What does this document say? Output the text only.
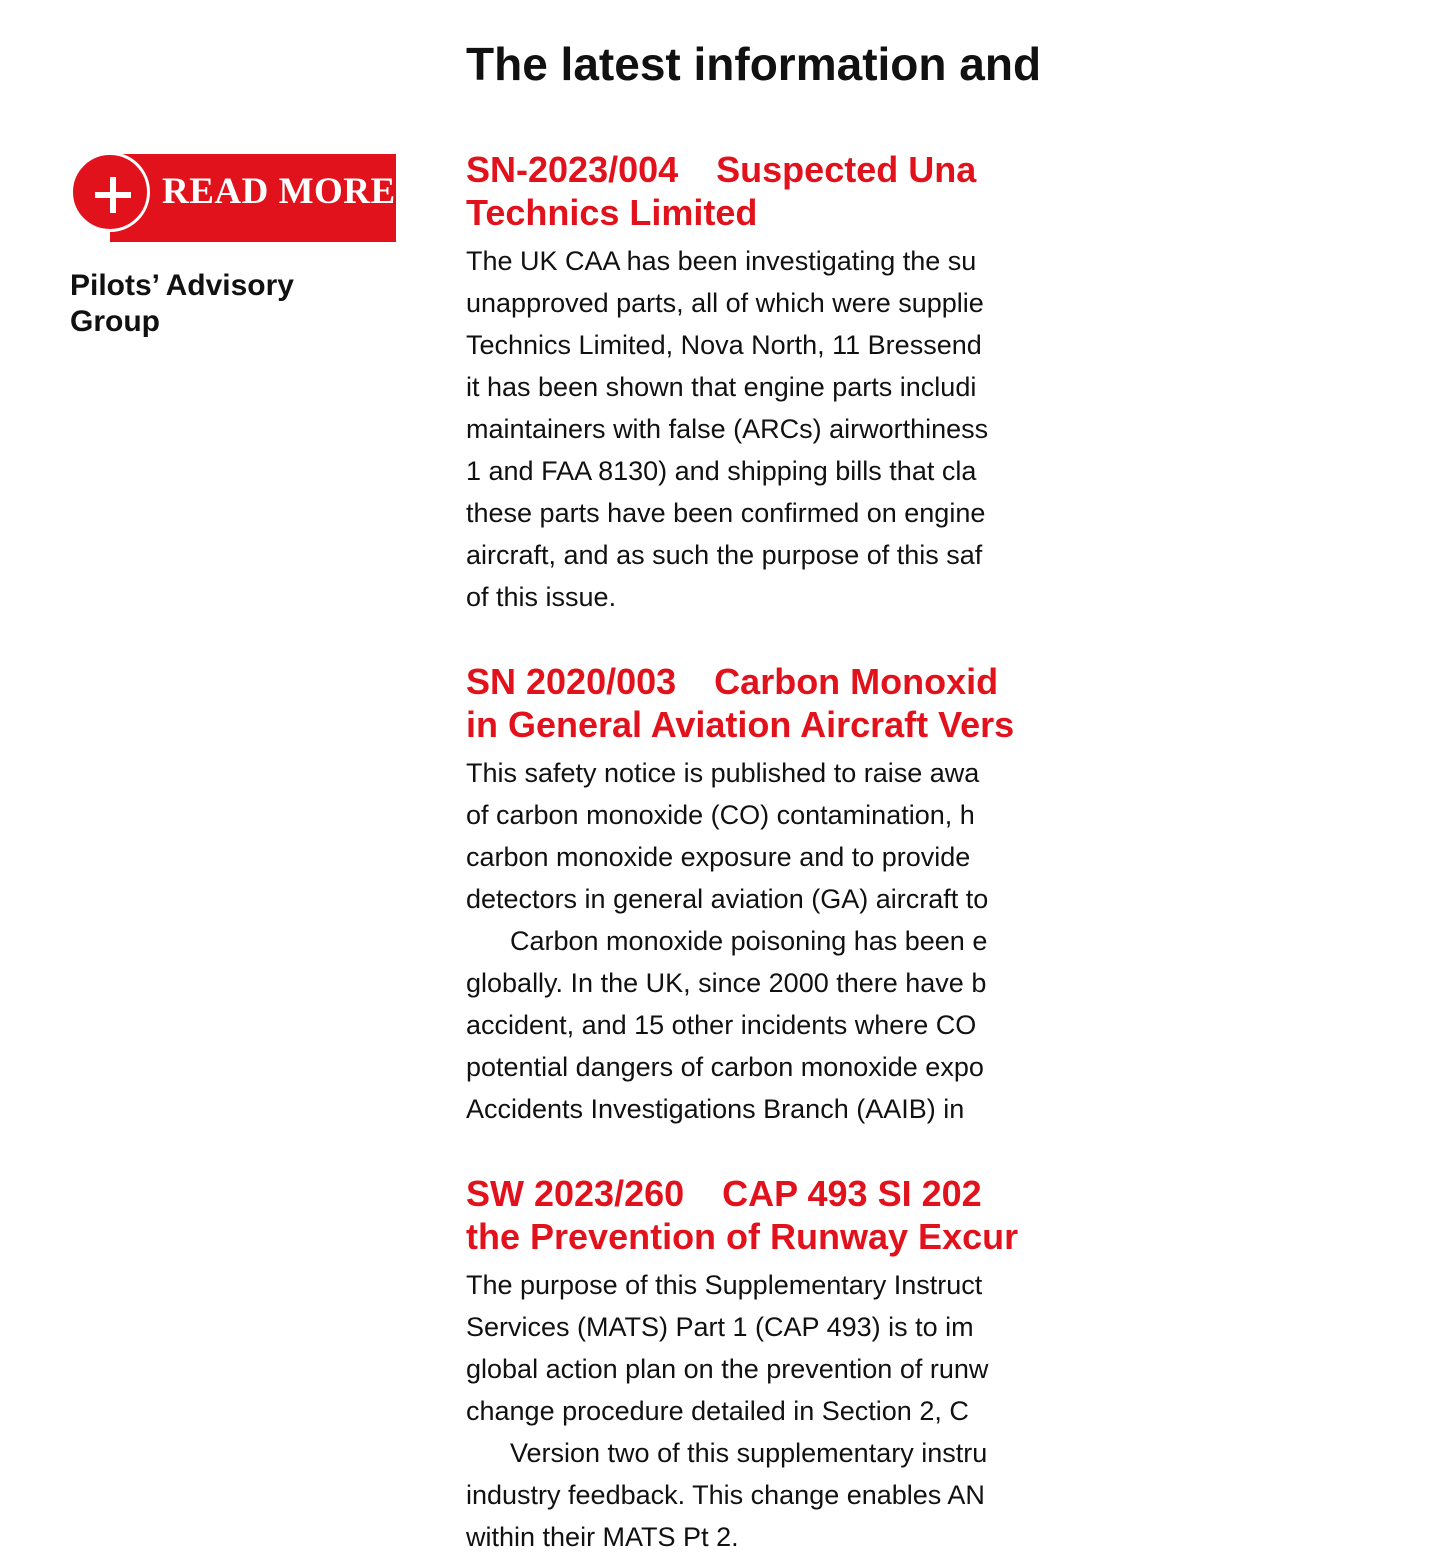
READ MORE
Pilots’ Advisory
Group
The latest information and
SN-2023/004 Suspected Una
Technics Limited
The UK CAA has been investigating the su
unapproved parts, all of which were supplie
Technics Limited, Nova North, 11 Bressend
it has been shown that engine parts includi
maintainers with false (ARCs) airworthiness
1 and FAA 8130) and shipping bills that cla
these parts have been confirmed on engine
aircraft, and as such the purpose of this saf
of this issue.
SN 2020/003 Carbon Monoxid
in General Aviation Aircraft Vers
This safety notice is published to raise awa
of carbon monoxide (CO) contamination, h
carbon monoxide exposure and to provide
detectors in general aviation (GA) aircraft to
Carbon monoxide poisoning has been e
globally. In the UK, since 2000 there have b
accident, and 15 other incidents where CO
potential dangers of carbon monoxide expo
Accidents Investigations Branch (AAIB) in
SW 2023/260 CAP 493 SI 202
the Prevention of Runway Excur
The purpose of this Supplementary Instruct
Services (MATS) Part 1 (CAP 493) is to im
global action plan on the prevention of runw
change procedure detailed in Section 2, C
Version two of this supplementary instru
industry feedback. This change enables AN
within their MATS Pt 2.
